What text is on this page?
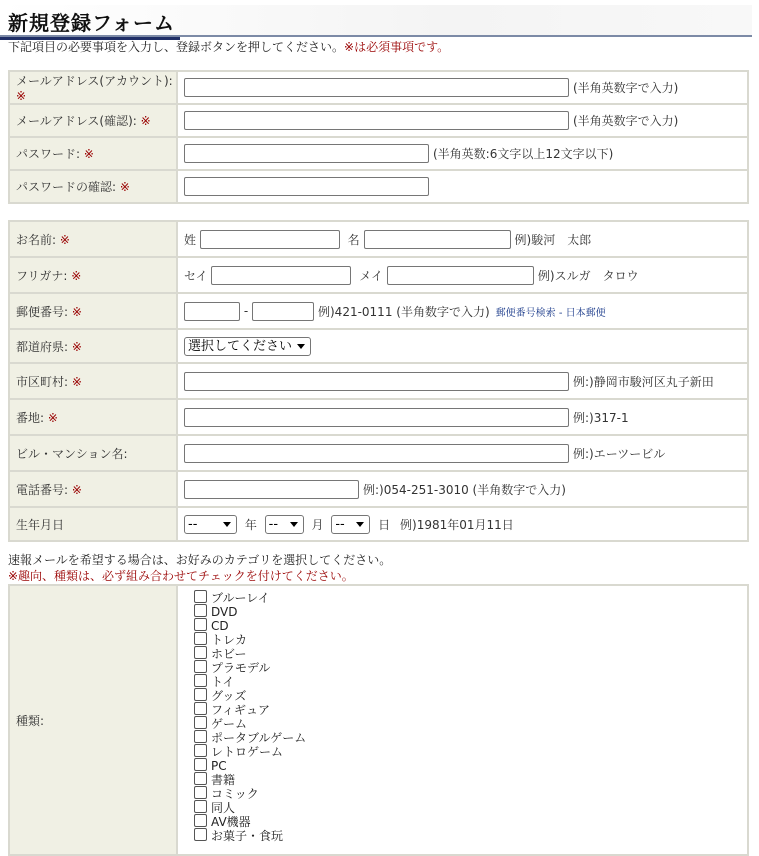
新規登録フォーム
下記項目の必要事項を入力し、登録ボタンを押してください。※は必須事項です。
メールアドレス(アカウント): ※	(半角英数字で入力)
メールアドレス(確認): ※	(半角英数字で入力)
パスワード: ※	(半角英数:6文字以上12文字以下)
パスワードの確認: ※	
お名前: ※	姓 名 例)駿河　太郎
フリガナ: ※	セイ メイ 例)スルガ　タロウ
郵便番号: ※	- 例)421-0111 (半角数字で入力) 郵便番号検索 - 日本郵便
都道府県: ※	選択してください
市区町村: ※	例:)静岡市駿河区丸子新田
番地: ※	例:)317-1
ビル・マンション名:	例:)エーツービル
電話番号: ※	例:)054-251-3010 (半角数字で入力)
生年月日	-- 年 -- 月 -- 日 例)1981年01月11日
速報メールを希望する場合は、お好みのカテゴリを選択してください。
※趣向、種類は、必ず組み合わせてチェックを付けてください。
種類:	
ブルーレイ
DVD
CD
トレカ
ホビー
プラモデル
トイ
グッズ
フィギュア
ゲーム
ポータブルゲーム
レトロゲーム
PC
書籍
コミック
同人
AV機器
お菓子・食玩
